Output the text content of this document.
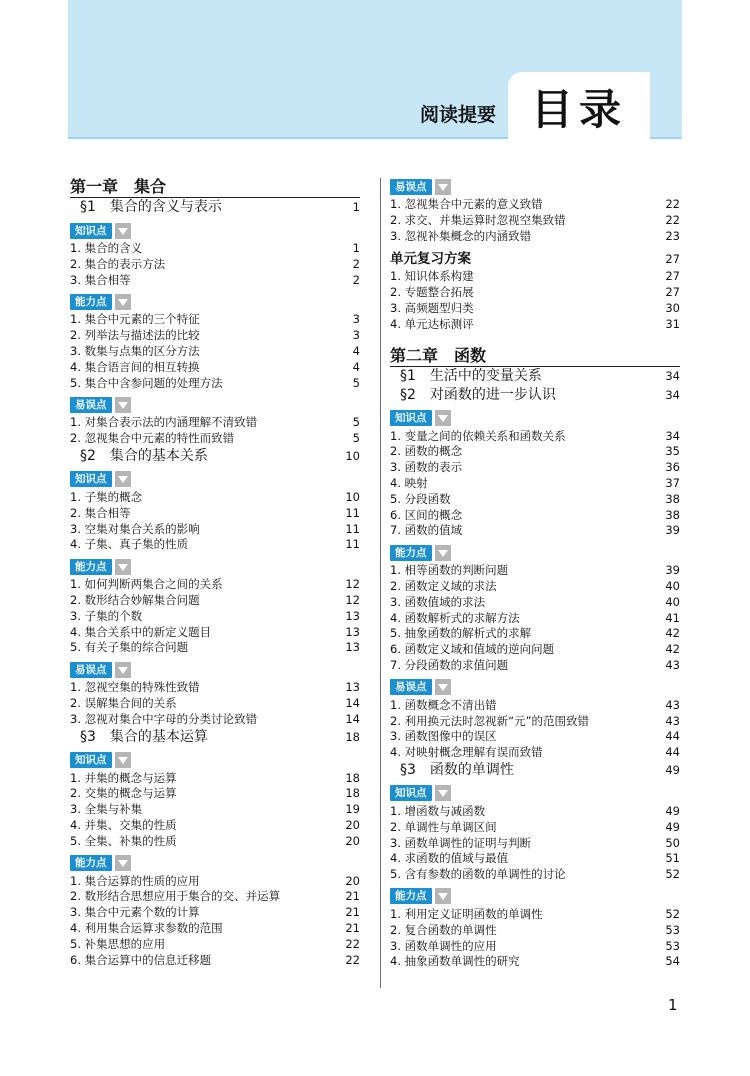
阅读提要 目录
第一章　集合
§1　集合的含义与表示	1
知识点
1. 集合的含义	1
2. 集合的表示方法	2
3. 集合相等	2
能力点
1. 集合中元素的三个特征	3
2. 列举法与描述法的比较	3
3. 数集与点集的区分方法	4
4. 集合语言间的相互转换	4
5. 集合中含参问题的处理方法	5
易误点
1. 对集合表示法的内涵理解不清致错	5
2. 忽视集合中元素的特性而致错	5
§2　集合的基本关系	10
知识点
1. 子集的概念	10
2. 集合相等	11
3. 空集对集合关系的影响	11
4. 子集、真子集的性质	11
能力点
1. 如何判断两集合之间的关系	12
2. 数形结合妙解集合问题	12
3. 子集的个数	13
4. 集合关系中的新定义题目	13
5. 有关子集的综合问题	13
易误点
1. 忽视空集的特殊性致错	13
2. 误解集合间的关系	14
3. 忽视对集合中字母的分类讨论致错	14
§3　集合的基本运算	18
知识点
1. 并集的概念与运算	18
2. 交集的概念与运算	18
3. 全集与补集	19
4. 并集、交集的性质	20
5. 全集、补集的性质	20
能力点
1. 集合运算的性质的应用	20
2. 数形结合思想应用于集合的交、并运算	21
3. 集合中元素个数的计算	21
4. 利用集合运算求参数的范围	21
5. 补集思想的应用	22
6. 集合运算中的信息迁移题	22
易误点
1. 忽视集合中元素的意义致错	22
2. 求交、并集运算时忽视空集致错	22
3. 忽视补集概念的内涵致错	23
单元复习方案	27
1. 知识体系构建	27
2. 专题整合拓展	27
3. 高频题型归类	30
4. 单元达标测评	31
第二章　函数
§1　生活中的变量关系	34
§2　对函数的进一步认识	34
知识点
1. 变量之间的依赖关系和函数关系	34
2. 函数的概念	35
3. 函数的表示	36
4. 映射	37
5. 分段函数	38
6. 区间的概念	38
7. 函数的值域	39
能力点
1. 相等函数的判断问题	39
2. 函数定义域的求法	40
3. 函数值域的求法	40
4. 函数解析式的求解方法	41
5. 抽象函数的解析式的求解	42
6. 函数定义域和值域的逆向问题	42
7. 分段函数的求值问题	43
易误点
1. 函数概念不清出错	43
2. 利用换元法时忽视新“元”的范围致错	43
3. 函数图像中的误区	44
4. 对映射概念理解有误而致错	44
§3　函数的单调性	49
知识点
1. 增函数与减函数	49
2. 单调性与单调区间	49
3. 函数单调性的证明与判断	50
4. 求函数的值域与最值	51
5. 含有参数的函数的单调性的讨论	52
能力点
1. 利用定义证明函数的单调性	52
2. 复合函数的单调性	53
3. 函数单调性的应用	53
4. 抽象函数单调性的研究	54
1
